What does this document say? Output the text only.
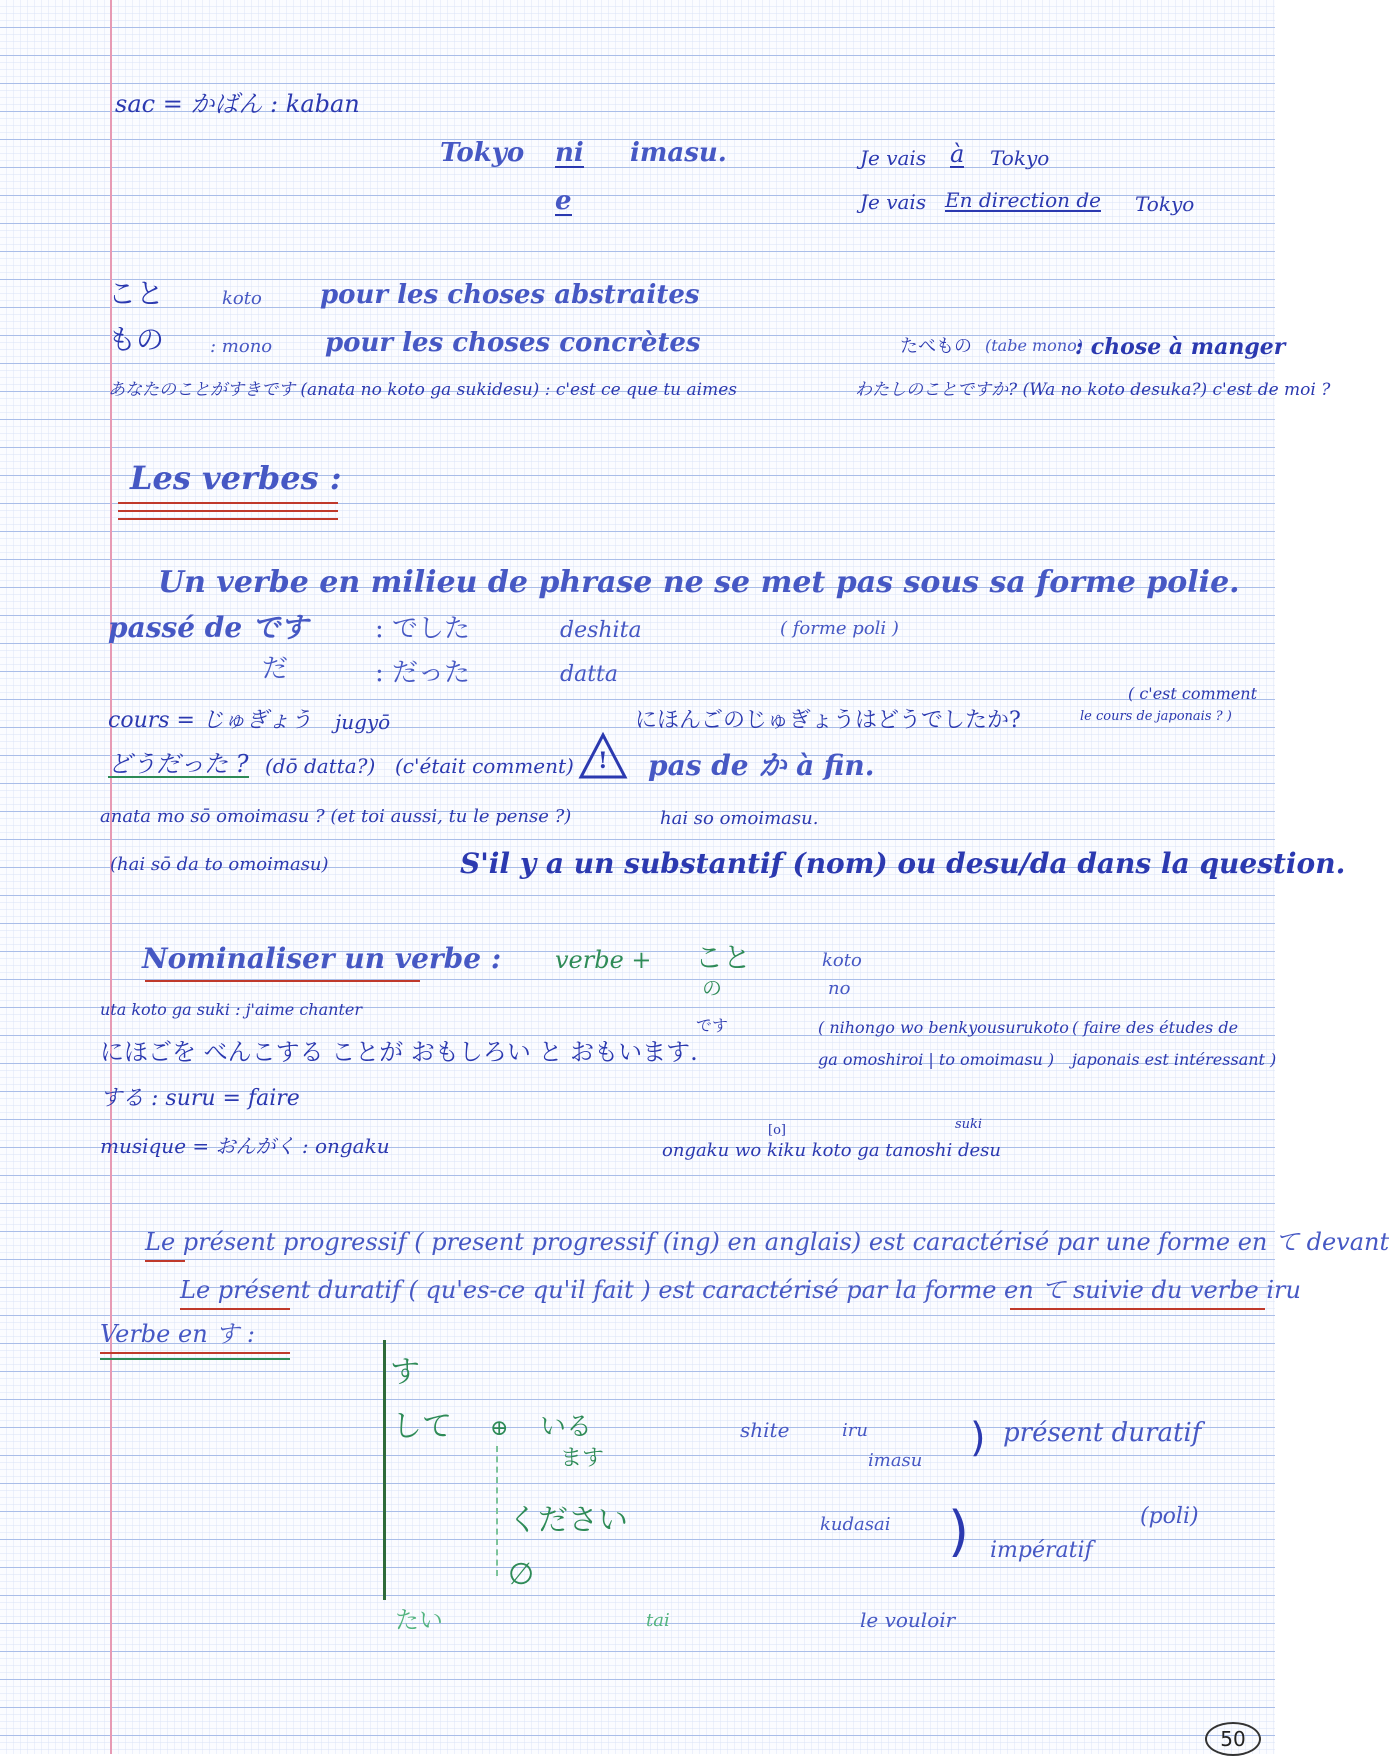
sac = かばん : kaban
Tokyo ni imasu.
e
Je vais à Tokyo
Je vais En direction de Tokyo
こと	koto pour les choses abstraites
もの	: mono pour les choses concrètes	たべもの (tabe mono)
: chose à manger
あなたのことがすきです (anata no koto ga sukidesu) : c'est ce que tu aimes	わたしのことですか? (Wa no koto desuka?) c'est de moi ?
Les verbes :
Un verbe en milieu de phrase ne se met pas sous sa forme polie.
passé de です	: でした	deshita	( forme poli )
だ	: だった	datta
cours = じゅぎょう jugyō	にほんごのじゅぎょうはどうでしたか?
( c'est comment
le cours de japonais ? )
どうだった ? (dō datta?) (c'était comment) ! pas de か à fin.
anata mo sō omoimasu ? (et toi aussi, tu le pense ?)	hai so omoimasu.
(hai sō da to omoimasu)	S'il y a un substantif (nom) ou desu/da dans la question.
Nominaliser un verbe : verbe + こと
の
koto
no
uta koto ga suki : j'aime chanter
です
にほごを べんこする ことが おもしろい と おもいます.
( nihongo wo benkyousurukoto
ga omoshiroi | to omoimasu )
( faire des études de
japonais est intéressant )
する : suru = faire
musique = おんがく : ongaku
suki
[o]
ongaku wo kiku koto ga tanoshi desu
Le présent progressif ( present progressif (ing) en anglais) est caractérisé par une forme en て devant
Le présent duratif ( qu'es-ce qu'il fait ) est caractérisé par la forme en て suivie du verbe iru
Verbe en す :
す
して ⊕ いる
ます
shite	iru
imasu ) présent duratif
ください	kudasai ) impératif
(poli)
∅
たい	tai	le vouloir
50
